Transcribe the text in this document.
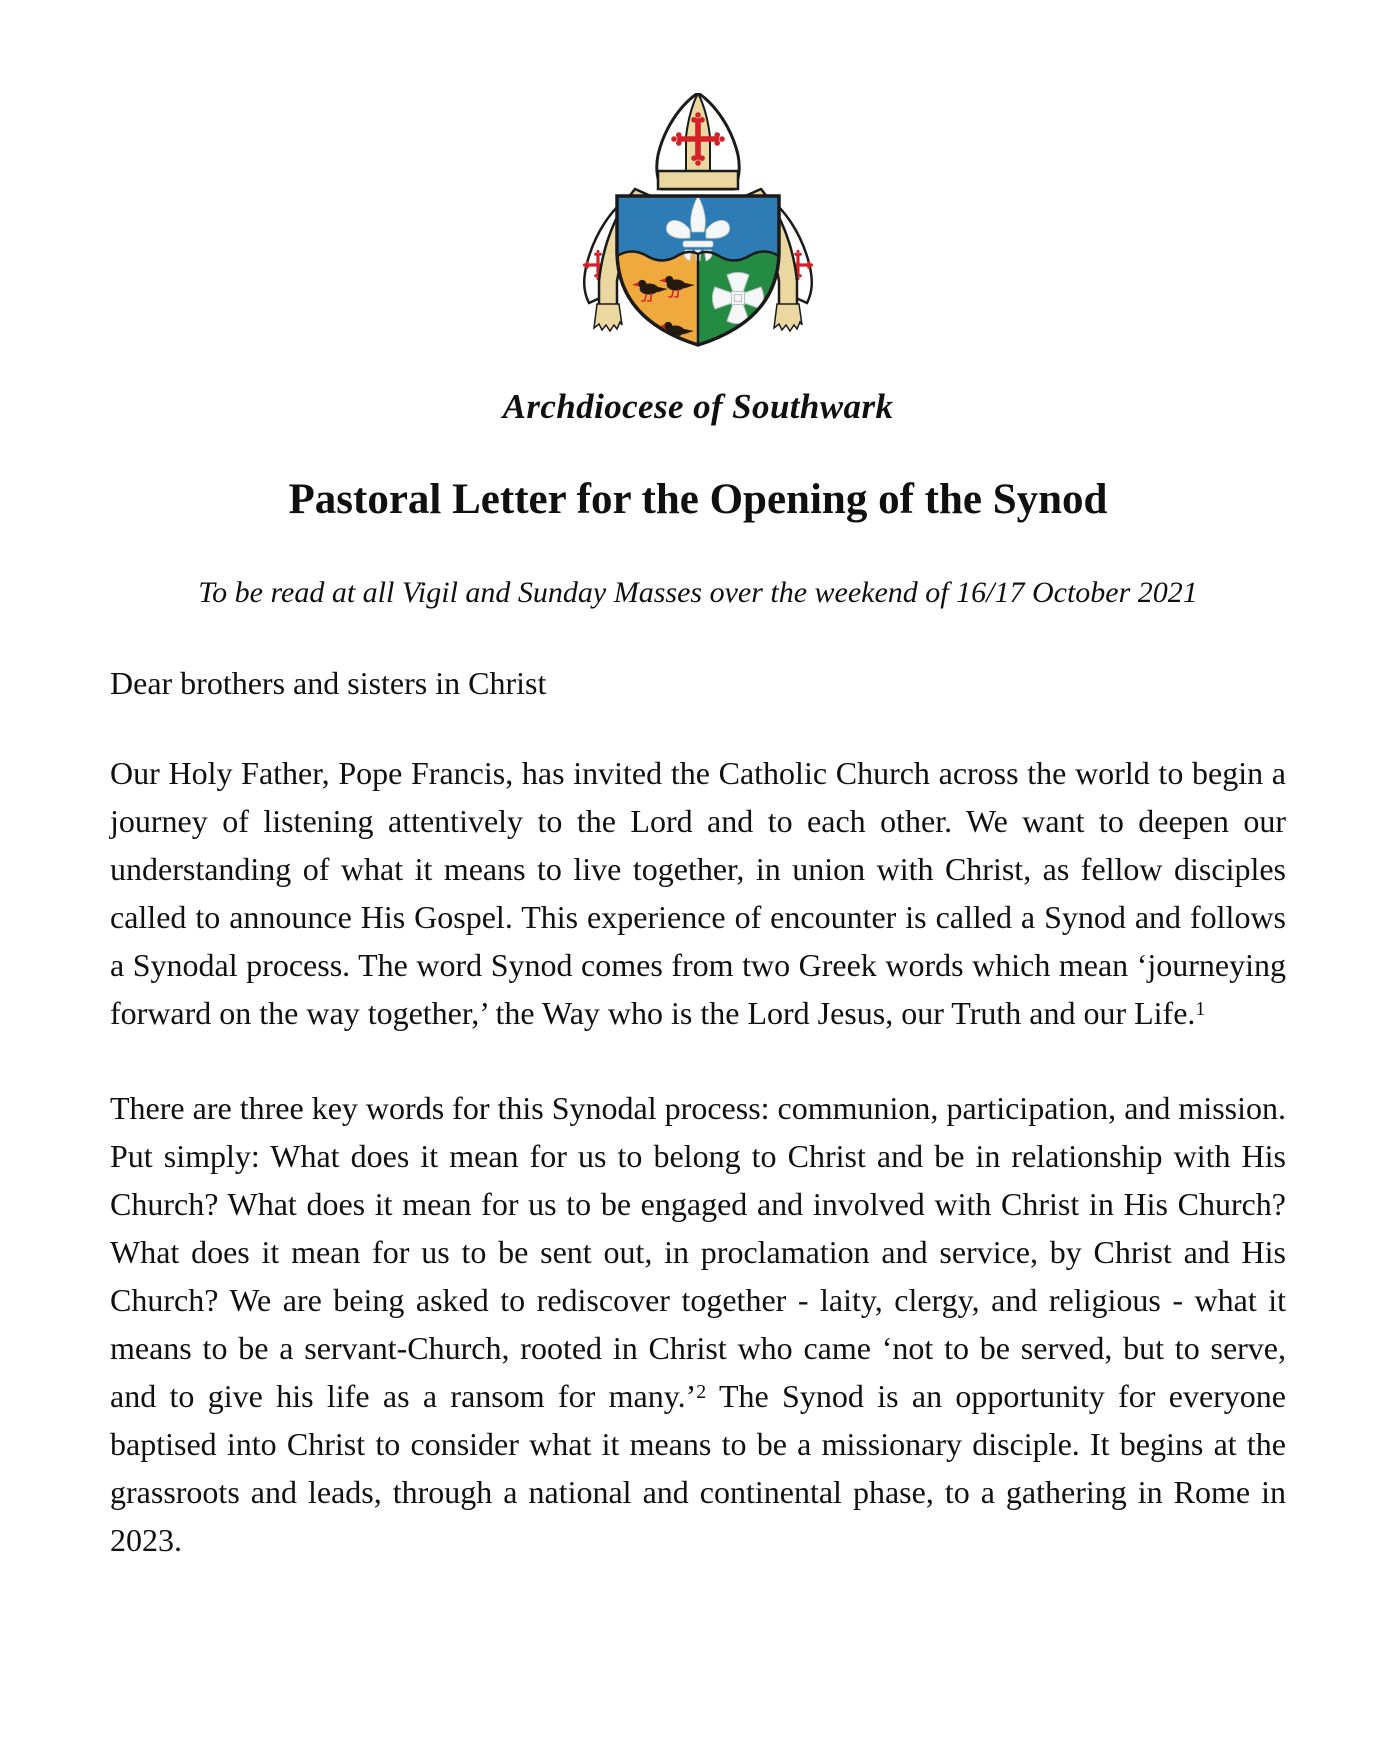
Archdiocese of Southwark
Pastoral Letter for the Opening of the Synod
To be read at all Vigil and Sunday Masses over the weekend of 16/17 October 2021
Dear brothers and sisters in Christ

Our Holy Father, Pope Francis, has invited the Catholic Church across the world to begin a journey of listening attentively to the Lord and to each other. We want to deepen our understanding of what it means to live together, in union with Christ, as fellow disciples called to announce His Gospel. This experience of encounter is called a Synod and follows a Synodal process. The word Synod comes from two Greek words which mean ‘journeying forward on the way together,’ the Way who is the Lord Jesus, our Truth and our Life.$^1$

There are three key words for this Synodal process: communion, participation, and mission. Put simply: What does it mean for us to belong to Christ and be in relationship with His Church? What does it mean for us to be engaged and involved with Christ in His Church? What does it mean for us to be sent out, in proclamation and service, by Christ and His Church? We are being asked to rediscover together - laity, clergy, and religious - what it means to be a servant-Church, rooted in Christ who came ‘not to be served, but to serve, and to give his life as a ransom for many.’$^2$ The Synod is an opportunity for everyone baptised into Christ to consider what it means to be a missionary disciple. It begins at the grassroots and leads, through a national and continental phase, to a gathering in Rome in 2023.
